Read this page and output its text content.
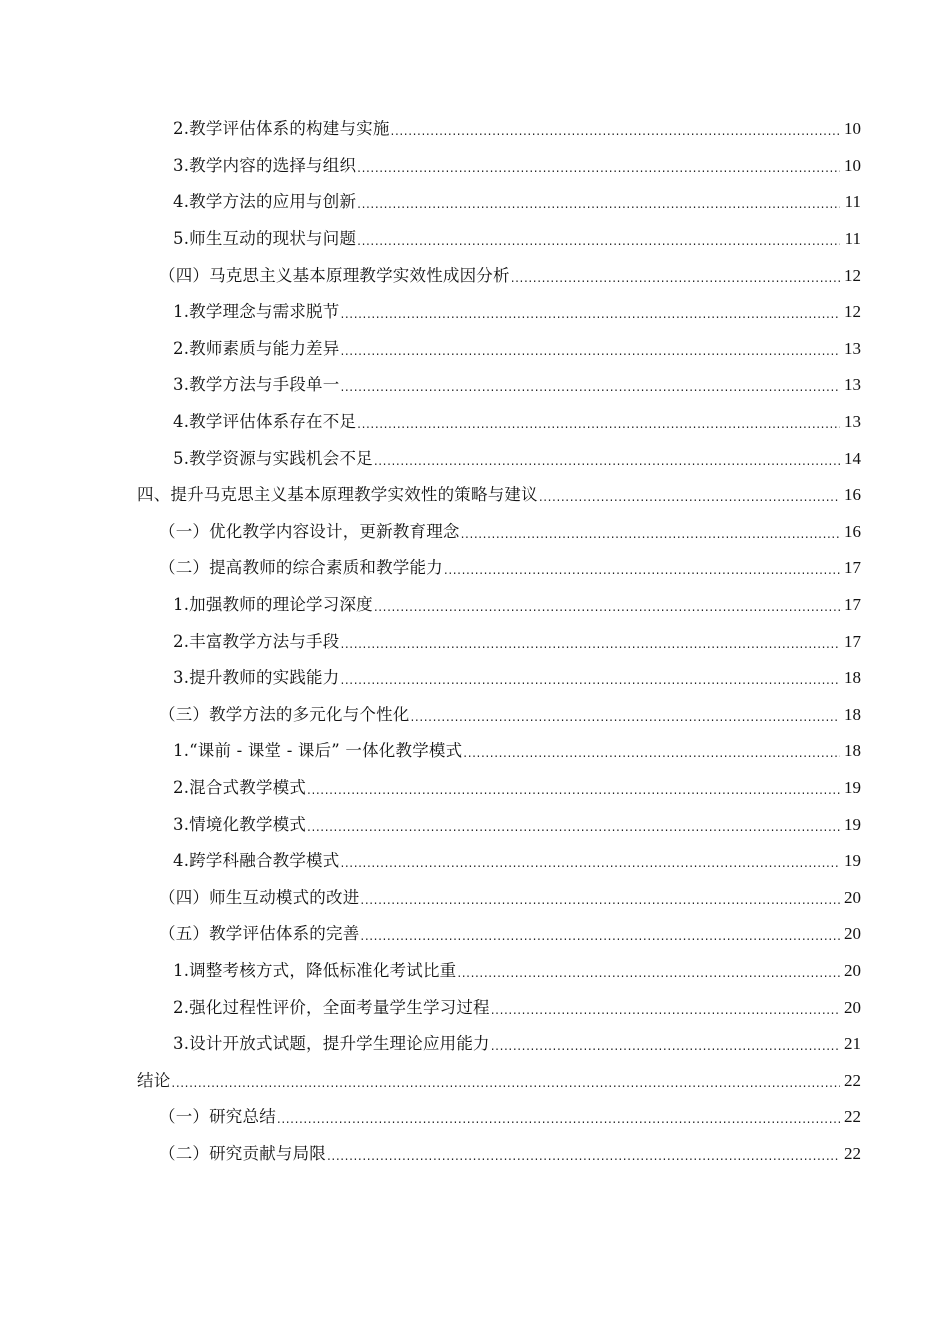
2.教学评估体系的构建与实施 .....	10
3.教学内容的选择与组织 .....	10
4.教学方法的应用与创新 .....	11
5.师生互动的现状与问题 .....	11
（四）马克思主义基本原理教学实效性成因分析 .....	12
1.教学理念与需求脱节 .....	12
2.教师素质与能力差异 .....	13
3.教学方法与手段单一 .....	13
4.教学评估体系存在不足 .....	13
5.教学资源与实践机会不足 .....	14
四、提升马克思主义基本原理教学实效性的策略与建议 .....	16
（一）优化教学内容设计，更新教育理念 .....	16
（二）提高教师的综合素质和教学能力 .....	17
1.加强教师的理论学习深度 .....	17
2.丰富教学方法与手段 .....	17
3.提升教师的实践能力 .....	18
（三）教学方法的多元化与个性化 .....	18
1.“课前 - 课堂 - 课后” 一体化教学模式 .....	18
2.混合式教学模式 .....	19
3.情境化教学模式 .....	19
4.跨学科融合教学模式 .....	19
（四）师生互动模式的改进 .....	20
（五）教学评估体系的完善 .....	20
1.调整考核方式，降低标准化考试比重 .....	20
2.强化过程性评价，全面考量学生学习过程 .....	20
3.设计开放式试题，提升学生理论应用能力 .....	21
结论 .....	22
（一）研究总结 .....	22
（二）研究贡献与局限 .....	22
